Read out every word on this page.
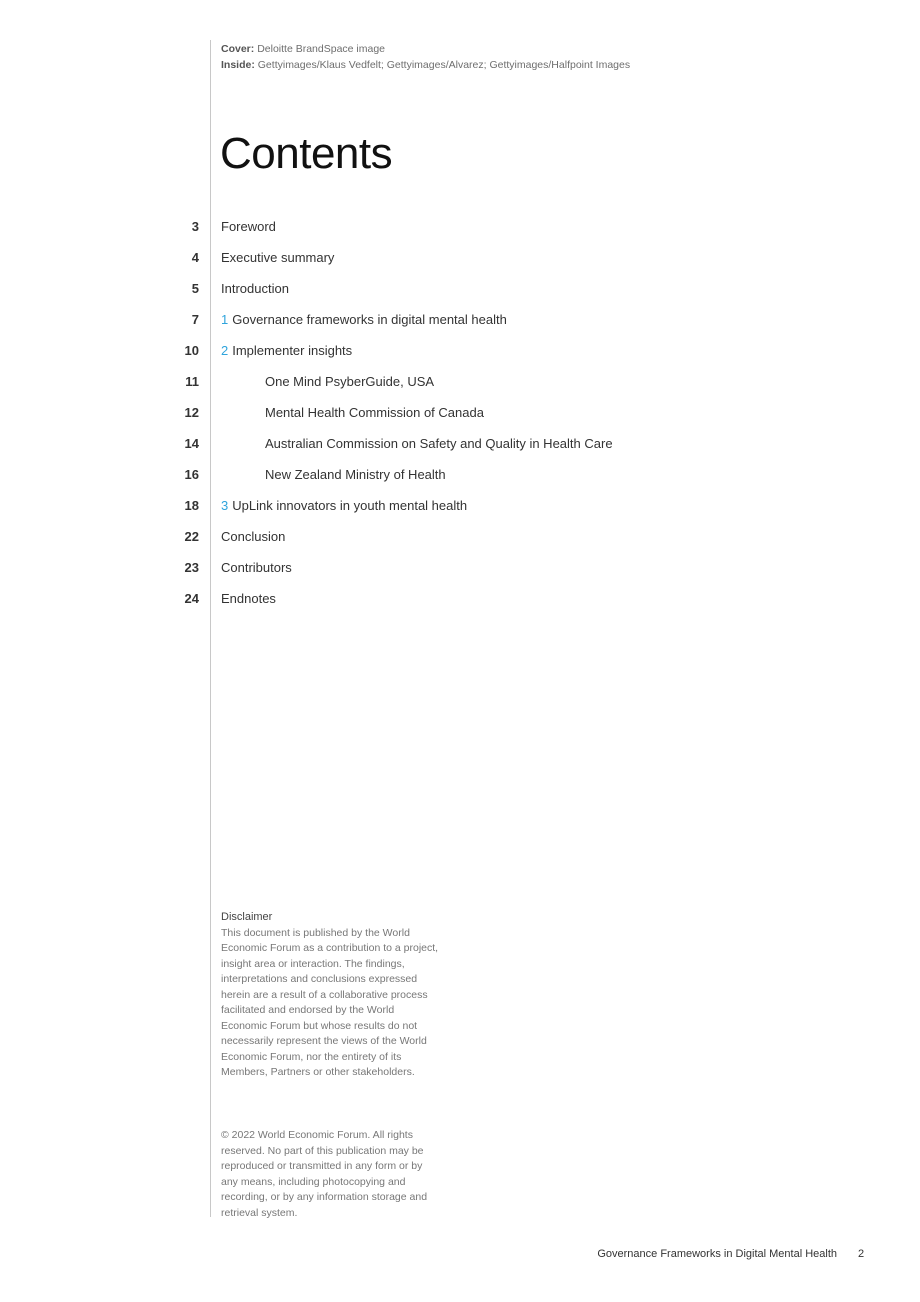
Cover: Deloitte BrandSpace image
Inside: Gettyimages/Klaus Vedfelt; Gettyimages/Alvarez; Gettyimages/Halfpoint Images
Contents
3 Foreword
4 Executive summary
5 Introduction
7 1 Governance frameworks in digital mental health
10 2 Implementer insights
11	One Mind PsyberGuide, USA
12	Mental Health Commission of Canada
14	Australian Commission on Safety and Quality in Health Care
16	New Zealand Ministry of Health
18 3 UpLink innovators in youth mental health
22 Conclusion
23 Contributors
24 Endnotes
Disclaimer
This document is published by the World Economic Forum as a contribution to a project, insight area or interaction. The findings, interpretations and conclusions expressed herein are a result of a collaborative process facilitated and endorsed by the World Economic Forum but whose results do not necessarily represent the views of the World Economic Forum, nor the entirety of its Members, Partners or other stakeholders.
© 2022 World Economic Forum. All rights reserved. No part of this publication may be reproduced or transmitted in any form or by any means, including photocopying and recording, or by any information storage and retrieval system.
Governance Frameworks in Digital Mental Health 2
